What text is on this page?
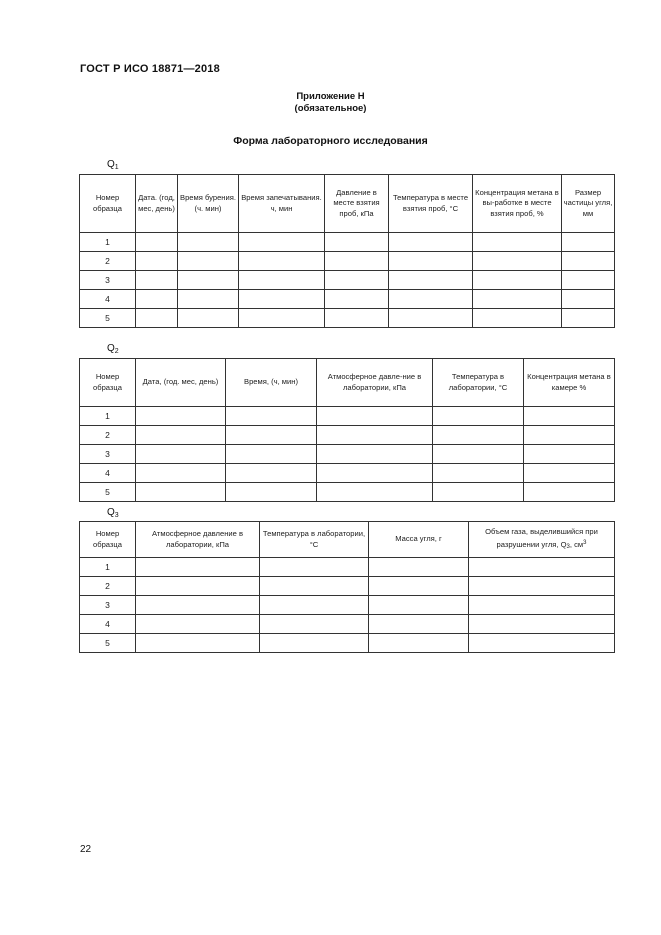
ГОСТ Р ИСО 18871—2018
Приложение Н
(обязательное)
Форма лабораторного исследования
$Q_1$
Номер образца	Дата. (год, мес, день)	Время бурения. (ч. мин)	Время запечатывания. ч, мин	Давление в месте взятия проб, кПа	Температура в месте взятия проб, °С	Концентрация метана в вы-работке в месте взятия проб, %	Размер частицы угля, мм
1							
2							
3							
4							
5							
$Q_2$
Номер образца	Дата, (год. мес, день)	Время, (ч, мин)	Атмосферное давле-ние в лаборатории, кПа	Температура в лаборатории, °С	Концентрация метана в камере %
1					
2					
3					
4					
5					
$Q_3$
Номер образца	Атмосферное давление в лаборатории, кПа	Температура в лаборатории, °С	Масса угля, г	Объем газа, выделившийся при разрушении угля, $Q_3$, $см^3$
1				
2				
3				
4				
5				
22
